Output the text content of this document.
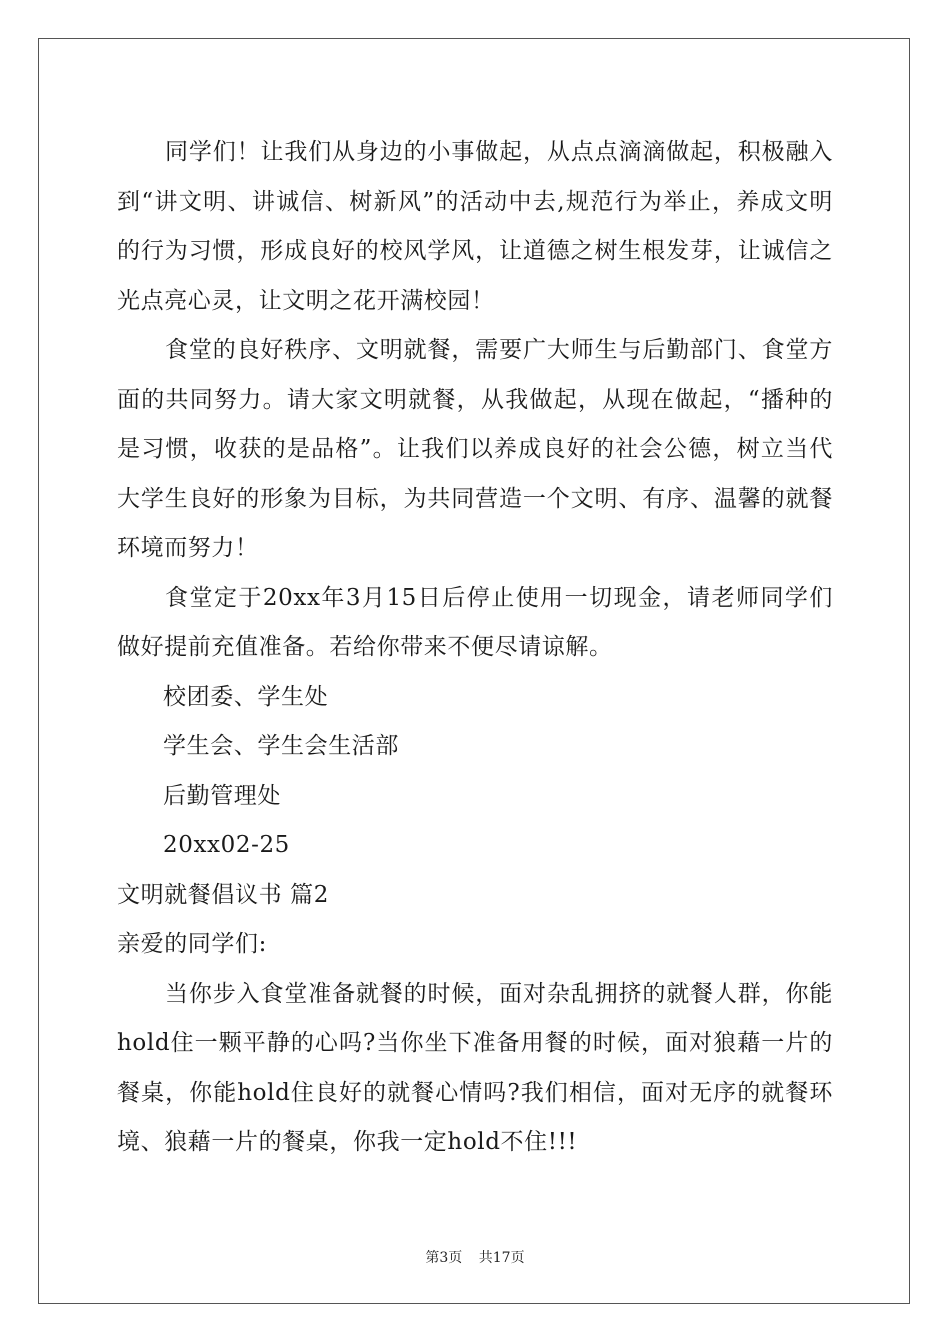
同学们！让我们从身边的小事做起，从点点滴滴做起，积极融入到“讲文明、讲诚信、树新风”的活动中去,规范行为举止，养成文明的行为习惯，形成良好的校风学风，让道德之树生根发芽，让诚信之光点亮心灵，让文明之花开满校园！

食堂的良好秩序、文明就餐，需要广大师生与后勤部门、食堂方面的共同努力。请大家文明就餐，从我做起，从现在做起，“播种的是习惯，收获的是品格”。让我们以养成良好的社会公德，树立当代大学生良好的形象为目标，为共同营造一个文明、有序、温馨的就餐环境而努力！

食堂定于20xx年3月15日后停止使用一切现金，请老师同学们做好提前充值准备。若给你带来不便尽请谅解。

校团委、学生处

学生会、学生会生活部

后勤管理处

20xx02-25

文明就餐倡议书 篇2

亲爱的同学们:

当你步入食堂准备就餐的时候，面对杂乱拥挤的就餐人群，你能hold住一颗平静的心吗?当你坐下准备用餐的时候，面对狼藉一片的餐桌，你能hold住良好的就餐心情吗?我们相信，面对无序的就餐环境、狼藉一片的餐桌，你我一定hold不住!!!

第3页 共17页
